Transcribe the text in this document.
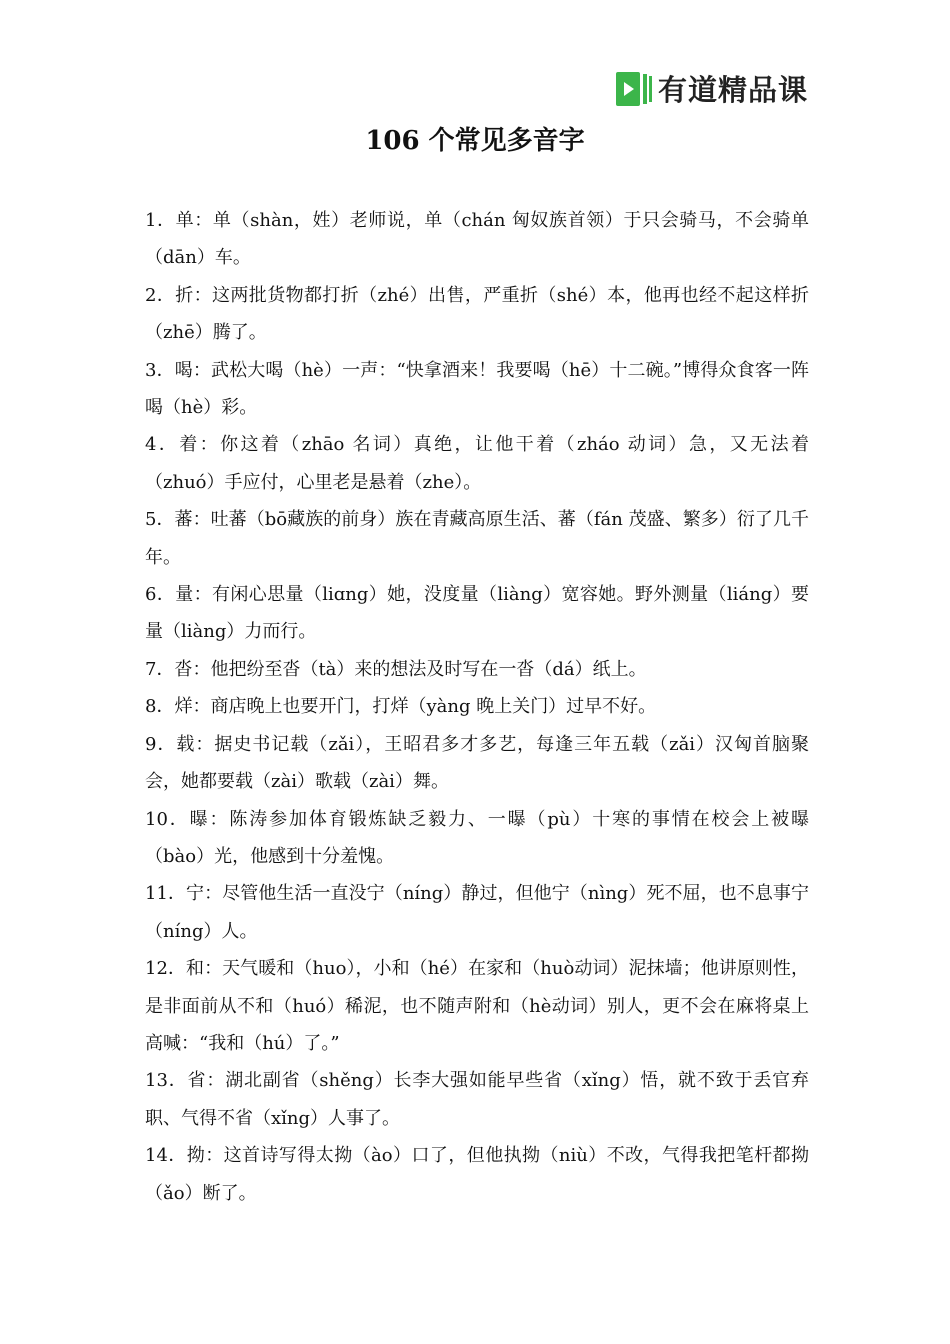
有道精品课
106 个常见多音字

1．单：单（shàn，姓）老师说，单（chán 匈奴族首领）于只会骑马，不会骑单（dān）车。

2．折：这两批货物都打折（zhé）出售，严重折（shé）本，他再也经不起这样折（zhē）腾了。

3．喝：武松大喝（hè）一声：“快拿酒来！我要喝（hē）十二碗。”博得众食客一阵喝（hè）彩。

4．着：你这着（zhāo 名词）真绝，让他干着（zháo 动词）急，又无法着（zhuó）手应付，心里老是悬着（zhe）。

5．蕃：吐蕃（bō藏族的前身）族在青藏高原生活、蕃（fán 茂盛、繁多）衍了几千年。

6．量：有闲心思量（liɑng）她，没度量（liàng）宽容她。野外测量（liáng）要量（liàng）力而行。

7．沓：他把纷至沓（tà）来的想法及时写在一沓（dá）纸上。

8．烊：商店晚上也要开门，打烊（yàng 晚上关门）过早不好。

9．载：据史书记载（zǎi），王昭君多才多艺，每逢三年五载（zǎi）汉匈首脑聚会，她都要载（zài）歌载（zài）舞。

10．曝：陈涛参加体育锻炼缺乏毅力、一曝（pù）十寒的事情在校会上被曝（bào）光，他感到十分羞愧。

11．宁：尽管他生活一直没宁（níng）静过，但他宁（nìng）死不屈，也不息事宁（níng）人。

12．和：天气暖和（huo），小和（hé）在家和（huò动词）泥抹墙；他讲原则性，是非面前从不和（huó）稀泥，也不随声附和（hè动词）别人，更不会在麻将桌上高喊：“我和（hú）了。”

13．省：湖北副省（shěng）长李大强如能早些省（xǐng）悟，就不致于丢官弃职、气得不省（xǐng）人事了。

14．拗：这首诗写得太拗（ào）口了，但他执拗（niù）不改，气得我把笔杆都拗（ǎo）断了。
